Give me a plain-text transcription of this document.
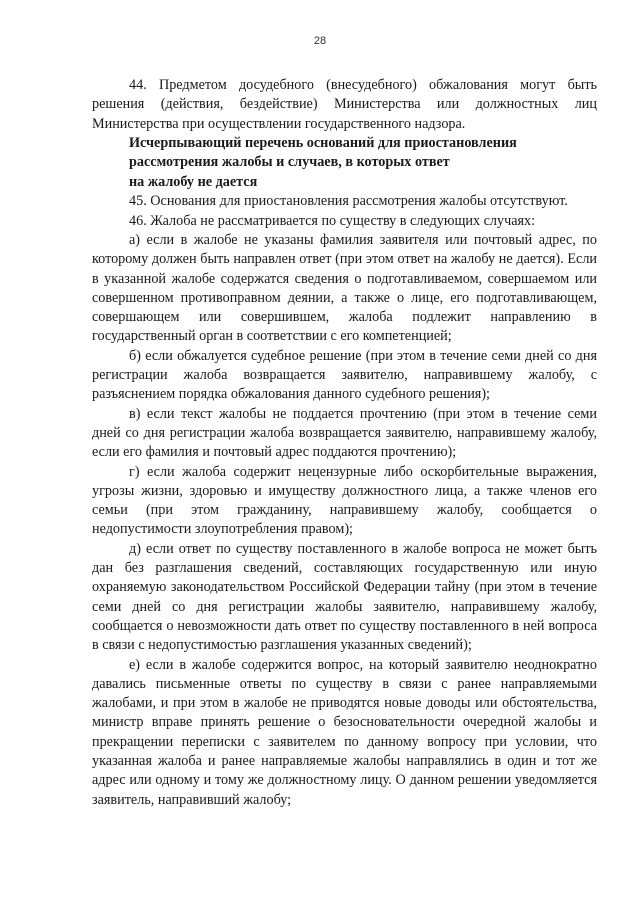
28

44. Предметом досудебного (внесудебного) обжалования могут быть решения (действия, бездействие) Министерства или должностных лиц Министерства при осуществлении государственного надзора.

Исчерпывающий перечень оснований для приостановления
рассмотрения жалобы и случаев, в которых ответ
на жалобу не дается

45. Основания для приостановления рассмотрения жалобы отсутствуют.

46. Жалоба не рассматривается по существу в следующих случаях:

а) если в жалобе не указаны фамилия заявителя или почтовый адрес, по которому должен быть направлен ответ (при этом ответ на жалобу не дается). Если в указанной жалобе содержатся сведения о подготавливаемом, совершаемом или совершенном противоправном деянии, а также о лице, его подготавливающем, совершающем или совершившем, жалоба подлежит направлению в государственный орган в соответствии с его компетенцией;

б) если обжалуется судебное решение (при этом в течение семи дней со дня регистрации жалоба возвращается заявителю, направившему жалобу, с разъяснением порядка обжалования данного судебного решения);

в) если текст жалобы не поддается прочтению (при этом в течение семи дней со дня регистрации жалоба возвращается заявителю, направившему жалобу, если его фамилия и почтовый адрес поддаются прочтению);

г) если жалоба содержит нецензурные либо оскорбительные выражения, угрозы жизни, здоровью и имуществу должностного лица, а также членов его семьи (при этом гражданину, направившему жалобу, сообщается о недопустимости злоупотребления правом);

д) если ответ по существу поставленного в жалобе вопроса не может быть дан без разглашения сведений, составляющих государственную или иную охраняемую законодательством Российской Федерации тайну (при этом в течение семи дней со дня регистрации жалобы заявителю, направившему жалобу, сообщается о невозможности дать ответ по существу поставленного в ней вопроса в связи с недопустимостью разглашения указанных сведений);

е) если в жалобе содержится вопрос, на который заявителю неоднократно давались письменные ответы по существу в связи с ранее направляемыми жалобами, и при этом в жалобе не приводятся новые доводы или обстоятельства, министр вправе принять решение о безосновательности очередной жалобы и прекращении переписки с заявителем по данному вопросу при условии, что указанная жалоба и ранее направляемые жалобы направлялись в один и тот же адрес или одному и тому же должностному лицу. О данном решении уведомляется заявитель, направивший жалобу;
